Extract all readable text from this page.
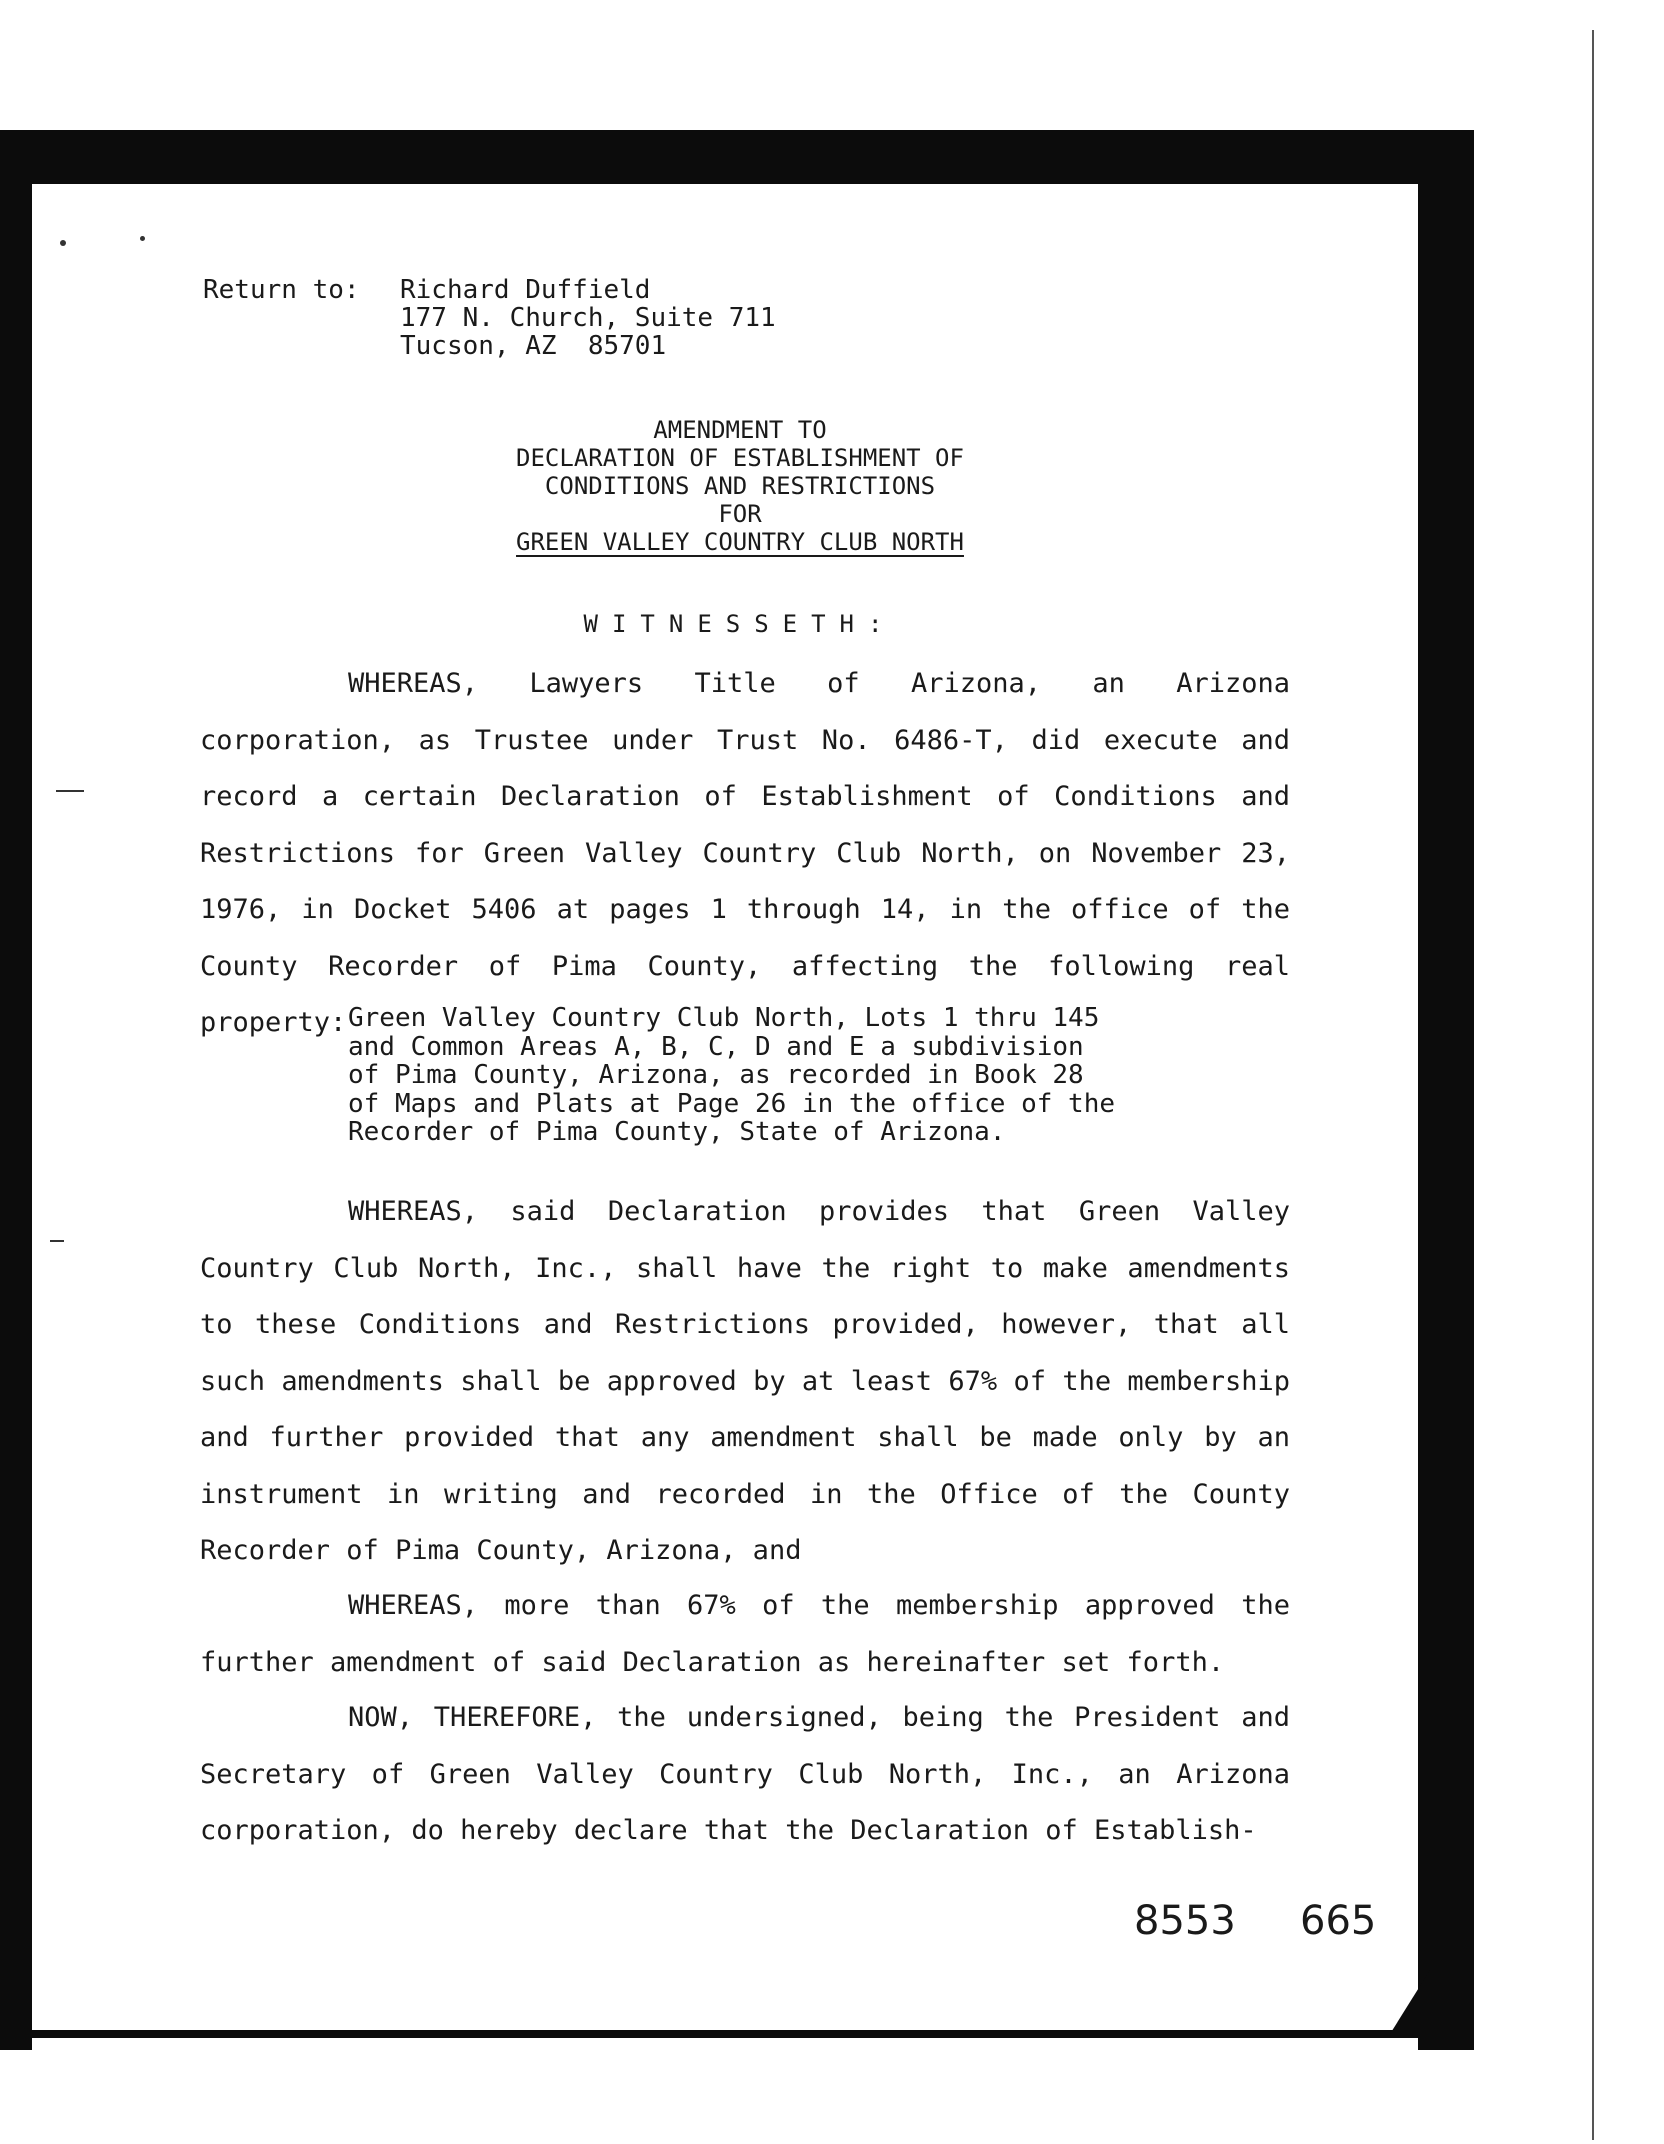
Return to: Richard Duffield
177 N. Church, Suite 711
Tucson, AZ  85701
AMENDMENT TO
DECLARATION OF ESTABLISHMENT OF
CONDITIONS AND RESTRICTIONS
FOR
GREEN VALLEY COUNTRY CLUB NORTH
WITNESSETH:
WHEREAS, Lawyers Title of Arizona, an Arizona corporation, as Trustee under Trust No. 6486-T, did execute and record a certain Declaration of Establishment of Conditions and Restrictions for Green Valley Country Club North, on November 23, 1976, in Docket 5406 at pages 1 through 14, in the office of the County Recorder of Pima County, affecting the following real property: Green Valley Country Club North, Lots 1 thru 145 and Common Areas A, B, C, D and E a subdivision of Pima County, Arizona, as recorded in Book 28 of Maps and Plats at Page 26 in the office of the Recorder of Pima County, State of Arizona.
WHEREAS, said Declaration provides that Green Valley Country Club North, Inc., shall have the right to make amendments to these Conditions and Restrictions provided, however, that all such amendments shall be approved by at least 67% of the membership and further provided that any amendment shall be made only by an instrument in writing and recorded in the Office of the County Recorder of Pima County, Arizona, and
WHEREAS, more than 67% of the membership approved the further amendment of said Declaration as hereinafter set forth.
NOW, THEREFORE, the undersigned, being the President and Secretary of Green Valley Country Club North, Inc., an Arizona corporation, do hereby declare that the Declaration of Establish-
8553 665
